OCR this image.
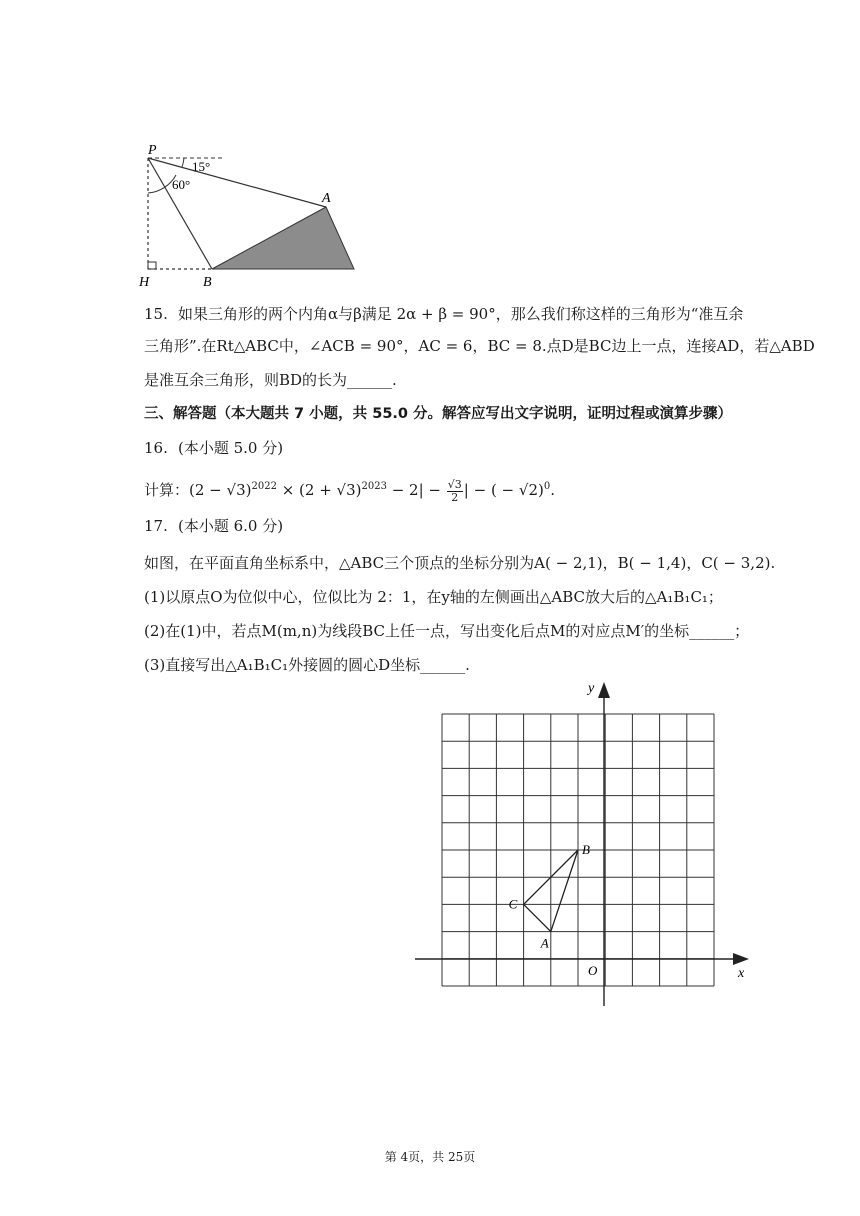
P
A
B
H
60°
15°
15. 如果三角形的两个内角α与β满足 2α + β = 90°，那么我们称这样的三角形为“准互余
三角形”.在Rt△ABC中，∠ACB = 90°，AC = 6，BC = 8.点D是BC边上一点，连接AD，若△ABD
是准互余三角形，则BD的长为______.
三、解答题（本大题共 7 小题，共 55.0 分。解答应写出文字说明，证明过程或演算步骤）
16. (本小题 5.0 分)
计算：$(2 - √3)^{2022} \times (2 + √3)^{2023} - 2| - \frac{√3}{2}$ | − ( − √2)$^0$.
17. (本小题 6.0 分)
如图，在平面直角坐标系中，△ABC三个顶点的坐标分别为A( − 2,1)，B( − 1,4)，C( − 3,2).
(1)以原点O为位似中心，位似比为 2：1，在y轴的左侧画出△ABC放大后的△A₁B₁C₁；
(2)在(1)中，若点M(m,n)为线段BC上任一点，写出变化后点M的对应点M′的坐标______；
(3)直接写出△A₁B₁C₁外接圆的圆心D坐标______.
x
y
O
A
B
C
第 4页，共 25页
